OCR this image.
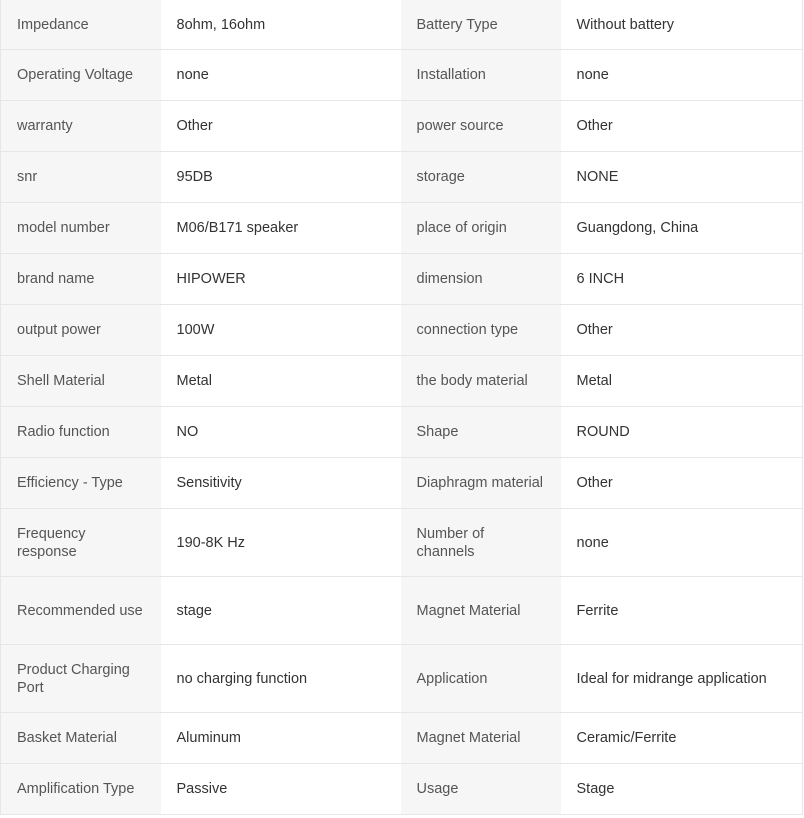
Impedance	8ohm, 16ohm	Battery Type	Without battery
Operating Voltage	none	Installation	none
warranty	Other	power source	Other
snr	95DB	storage	NONE
model number	M06/B171 speaker	place of origin	Guangdong, China
brand name	HIPOWER	dimension	6 INCH
output power	100W	connection type	Other
Shell Material	Metal	the body material	Metal
Radio function	NO	Shape	ROUND
Efficiency - Type	Sensitivity	Diaphragm material	Other
Frequency response	190-8K Hz	Number of channels	none
Recommended use	stage	Magnet Material	Ferrite
Product Charging Port	no charging function	Application	Ideal for midrange application
Basket Material	Aluminum	Magnet Material	Ceramic/Ferrite
Amplification Type	Passive	Usage	Stage
